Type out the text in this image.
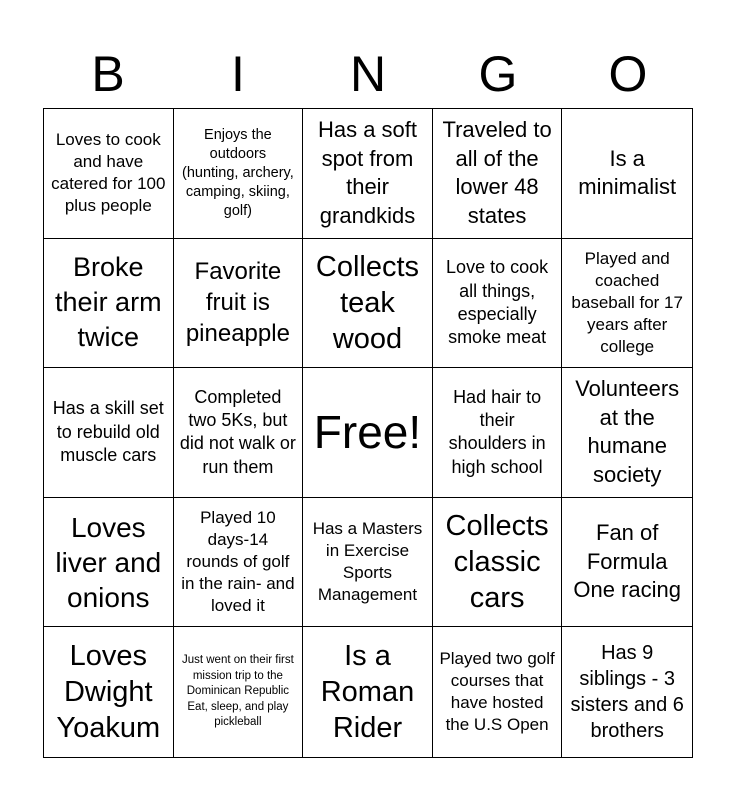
B	I	N	G	O
Loves to cook and have catered for 100 plus people
Enjoys the outdoors (hunting, archery, camping, skiing, golf)
Has a soft spot from their grandkids
Traveled to all of the lower 48 states
Is a minimalist
Broke their arm twice
Favorite fruit is pineapple
Collects teak wood
Love to cook all things, especially smoke meat
Played and coached baseball for 17 years after college
Has a skill set to rebuild old muscle cars
Completed two 5Ks, but did not walk or run them
Free!
Had hair to their shoulders in high school
Volunteers at the humane society
Loves liver and onions
Played 10 days-14 rounds of golf in the rain- and loved it
Has a Masters in Exercise Sports Management
Collects classic cars
Fan of Formula One racing
Loves Dwight Yoakum
Just went on their first mission trip to the Dominican Republic Eat, sleep, and play pickleball
Is a Roman Rider
Played two golf courses that have hosted the U.S Open
Has 9 siblings - 3 sisters and 6 brothers
